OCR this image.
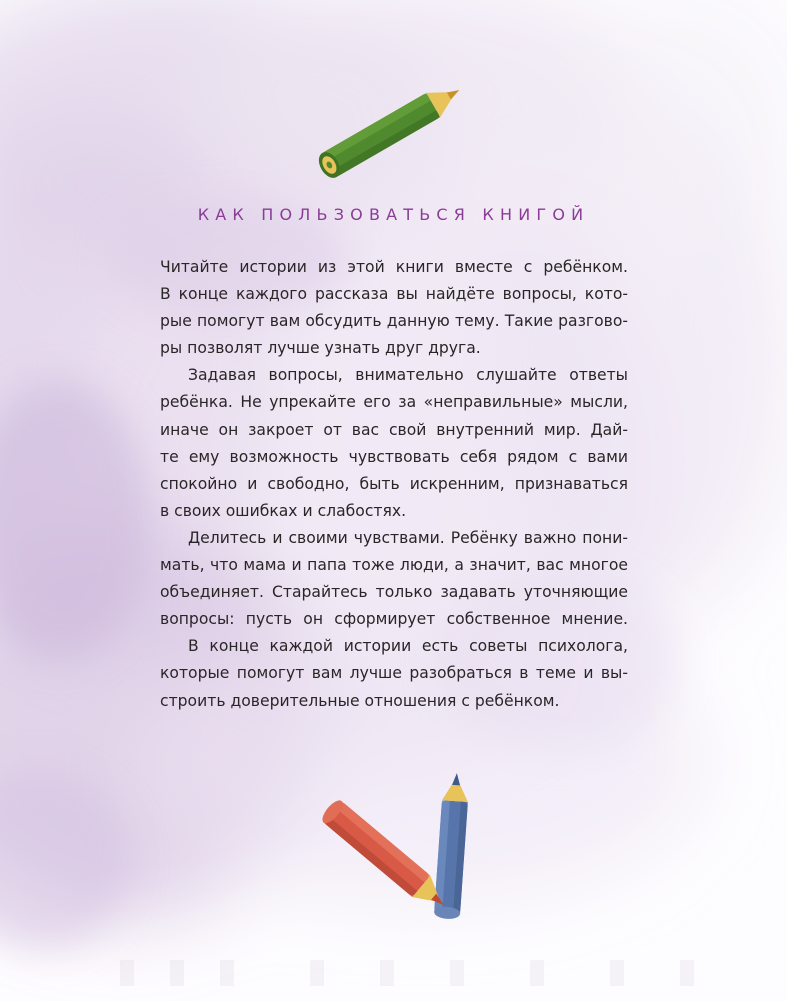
КАК ПОЛЬЗОВАТЬСЯ КНИГОЙ
Читайте истории из этой книги вместе с ребёнком.
В конце каждого рассказа вы найдёте вопросы, кото-
рые помогут вам обсудить данную тему. Такие разгово-
ры позволят лучше узнать друг друга.
Задавая вопросы, внимательно слушайте ответы
ребёнка. Не упрекайте его за «неправильные» мысли,
иначе он закроет от вас свой внутренний мир. Дай-
те ему возможность чувствовать себя рядом с вами
спокойно и свободно, быть искренним, признаваться
в своих ошибках и слабостях.
Делитесь и своими чувствами. Ребёнку важно пони-
мать, что мама и папа тоже люди, а значит, вас многое
объединяет. Старайтесь только задавать уточняющие
вопросы: пусть он сформирует собственное мнение.
В конце каждой истории есть советы психолога,
которые помогут вам лучше разобраться в теме и вы-
строить доверительные отношения с ребёнком.
